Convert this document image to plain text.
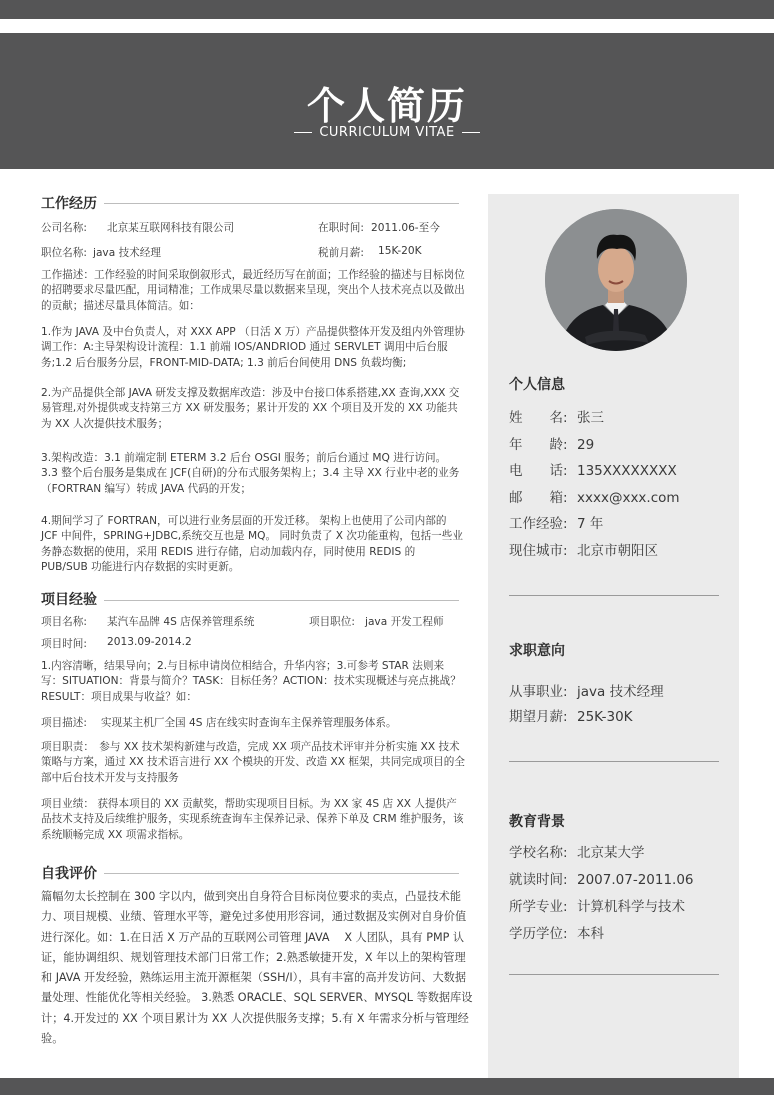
个人简历
CURRICULUM VITAE
工作经历
公司名称: 北京某互联网科技有限公司	在职时间: 2011.06-至今
职位名称: java 技术经理	税前月薪: 15K-20K
工作描述：工作经验的时间采取倒叙形式，最近经历写在前面；工作经验的描述与目标岗位的招聘要求尽量匹配，用词精准；工作成果尽量以数据来呈现，突出个人技术亮点以及做出的贡献；描述尽量具体简洁。如：
1.作为 JAVA 及中台负责人，对 XXX APP （日活 X 万）产品提供整体开发及组内外管理协调工作：A:主导架构设计流程：1.1 前端 IOS/ANDRIOD 通过 SERVLET 调用中后台服务;1.2 后台服务分层，FRONT-MID-DATA; 1.3 前后台间使用 DNS 负载均衡;
2.为产品提供全部 JAVA 研发支撑及数据库改造：涉及中台接口体系搭建,XX 查询,XXX 交易管理,对外提供或支持第三方 XX 研发服务；累计开发的 XX 个项目及开发的 XX 功能共为 XX 人次提供技术服务；
3.架构改造：3.1 前端定制 ETERM 3.2 后台 OSGI 服务；前后台通过 MQ 进行访问。 3.3 整个后台服务是集成在 JCF(自研)的分布式服务架构上；3.4 主导 XX 行业中老的业务（FORTRAN 编写）转成 JAVA 代码的开发；
4.期间学习了 FORTRAN，可以进行业务层面的开发迁移。 架构上也使用了公司内部的 JCF 中间件，SPRING+JDBC,系统交互也是 MQ。 同时负责了 X 次功能重构，包括一些业务静态数据的使用，采用 REDIS 进行存储，启动加载内存，同时使用 REDIS 的 PUB/SUB 功能进行内存数据的实时更新。
项目经验
项目名称: 某汽车品牌 4S 店保养管理系统	项目职位: java 开发工程师
项目时间: 2013.09-2014.2
1.内容清晰，结果导向；2.与目标申请岗位相结合，升华内容；3.可参考 STAR 法则来写：SITUATION：背景与简介？TASK：目标任务？ACTION：技术实现概述与亮点挑战？RESULT：项目成果与收益？如：
项目描述:　 实现某主机厂全国 4S 店在线实时查询车主保养管理服务体系。
项目职责：　参与 XX 技术架构新建与改造，完成 XX 项产品技术评审并分析实施 XX 技术策略与方案，通过 XX 技术语言进行 XX 个模块的开发、改造 XX 框架，共同完成项目的全部中后台技术开发与支持服务
项目业绩： 获得本项目的 XX 贡献奖，帮助实现项目目标。为 XX 家 4S 店 XX 人提供产品技术支持及后续维护服务，实现系统查询车主保养记录、保养下单及 CRM 维护服务，该系统顺畅完成 XX 项需求指标。
自我评价
篇幅勿太长控制在 300 字以内，做到突出自身符合目标岗位要求的卖点，凸显技术能力、项目规模、业绩、管理水平等，避免过多使用形容词，通过数据及实例对自身价值进行深化。如：1.在日活 X 万产品的互联网公司管理 JAVA　 X 人团队，具有 PMP 认证，能协调组织、规划管理技术部门日常工作；2.熟悉敏捷开发，X 年以上的架构管理和 JAVA 开发经验，熟练运用主流开源框架（SSH/I），具有丰富的高并发访问、大数据量处理、性能优化等相关经验。 3.熟悉 ORACLE、SQL SERVER、MYSQL 等数据库设计；4.开发过的 XX 个项目累计为 XX 人次提供服务支撑；5.有 X 年需求分析与管理经验。
个人信息
姓　　名: 张三
年　　龄: 29
电　　话: 135XXXXXXXX
邮　　箱: xxxx@xxx.com
工作经验: 7 年
现住城市: 北京市朝阳区
求职意向
从事职业: java 技术经理
期望月薪: 25K-30K
教育背景
学校名称: 北京某大学
就读时间: 2007.07-2011.06
所学专业: 计算机科学与技术
学历学位: 本科
